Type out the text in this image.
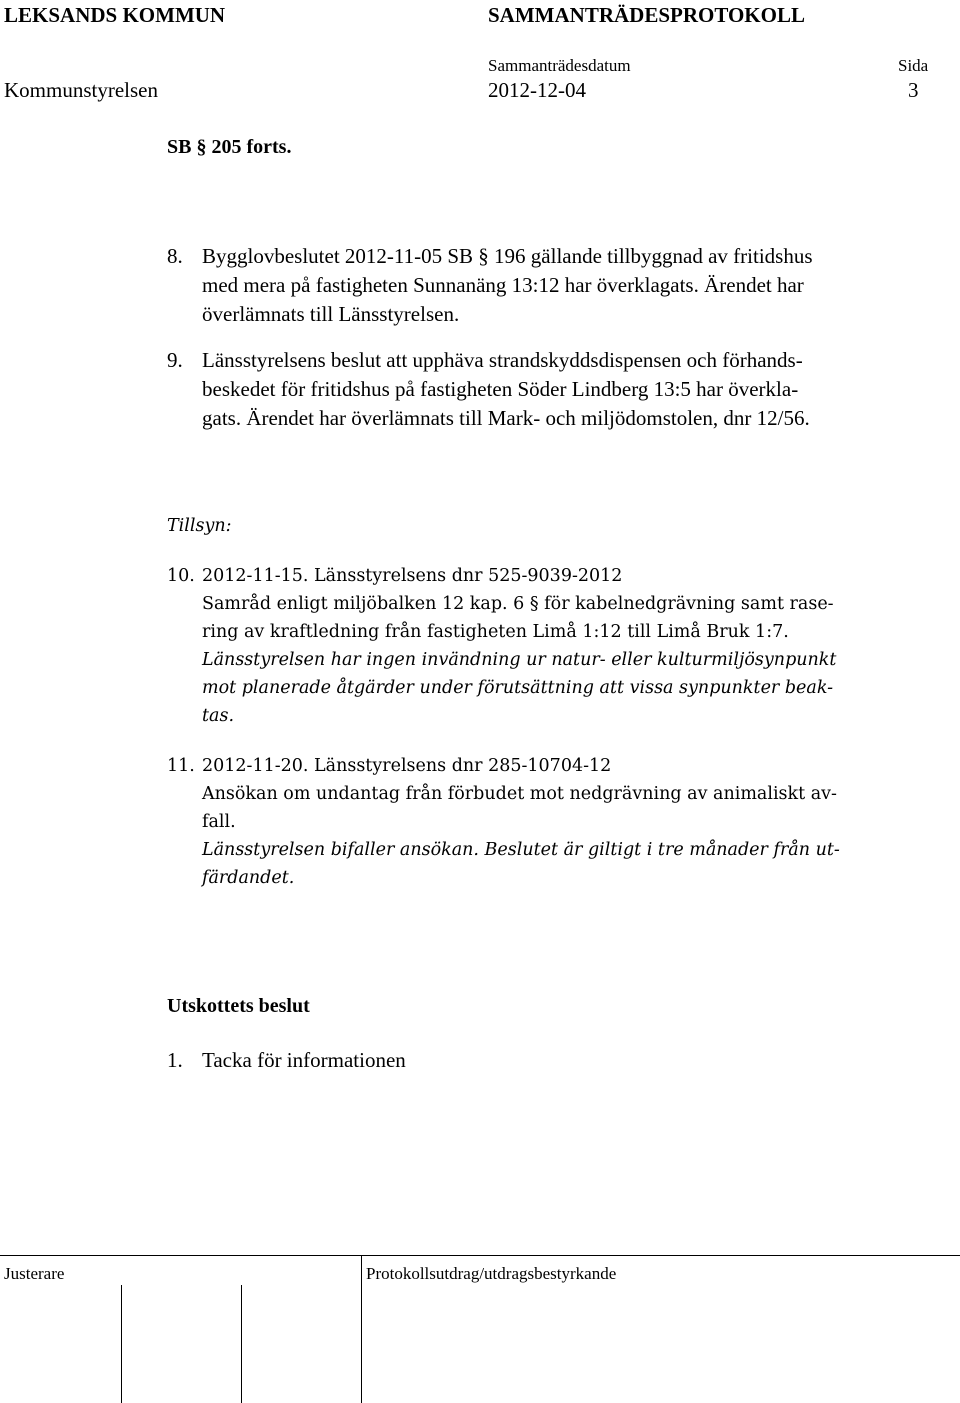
LEKSANDS KOMMUN	SAMMANTRÄDESPROTOKOLL
Sammanträdesdatum	Sida
Kommunstyrelsen	2012-12-04	3
SB § 205 forts.
8. Bygglovbeslutet 2012-11-05 SB § 196 gällande tillbyggnad av fritidshus
med mera på fastigheten Sunnanäng 13:12 har överklagats. Ärendet har
överlämnats till Länsstyrelsen.
9. Länsstyrelsens beslut att upphäva strandskyddsdispensen och förhands-
beskedet för fritidshus på fastigheten Söder Lindberg 13:5 har överkla-
gats. Ärendet har överlämnats till Mark- och miljödomstolen, dnr 12/56.
Tillsyn:
10. 2012-11-15. Länsstyrelsens dnr 525-9039-2012
Samråd enligt miljöbalken 12 kap. 6 § för kabelnedgrävning samt rase-
ring av kraftledning från fastigheten Limå 1:12 till Limå Bruk 1:7.
Länsstyrelsen har ingen invändning ur natur- eller kulturmiljösynpunkt
mot planerade åtgärder under förutsättning att vissa synpunkter beak-
tas.
11. 2012-11-20. Länsstyrelsens dnr 285-10704-12
Ansökan om undantag från förbudet mot nedgrävning av animaliskt av-
fall.
Länsstyrelsen bifaller ansökan. Beslutet är giltigt i tre månader från ut-
färdandet.
Utskottets beslut
1. Tacka för informationen
Justerare	Protokollsutdrag/utdragsbestyrkande
